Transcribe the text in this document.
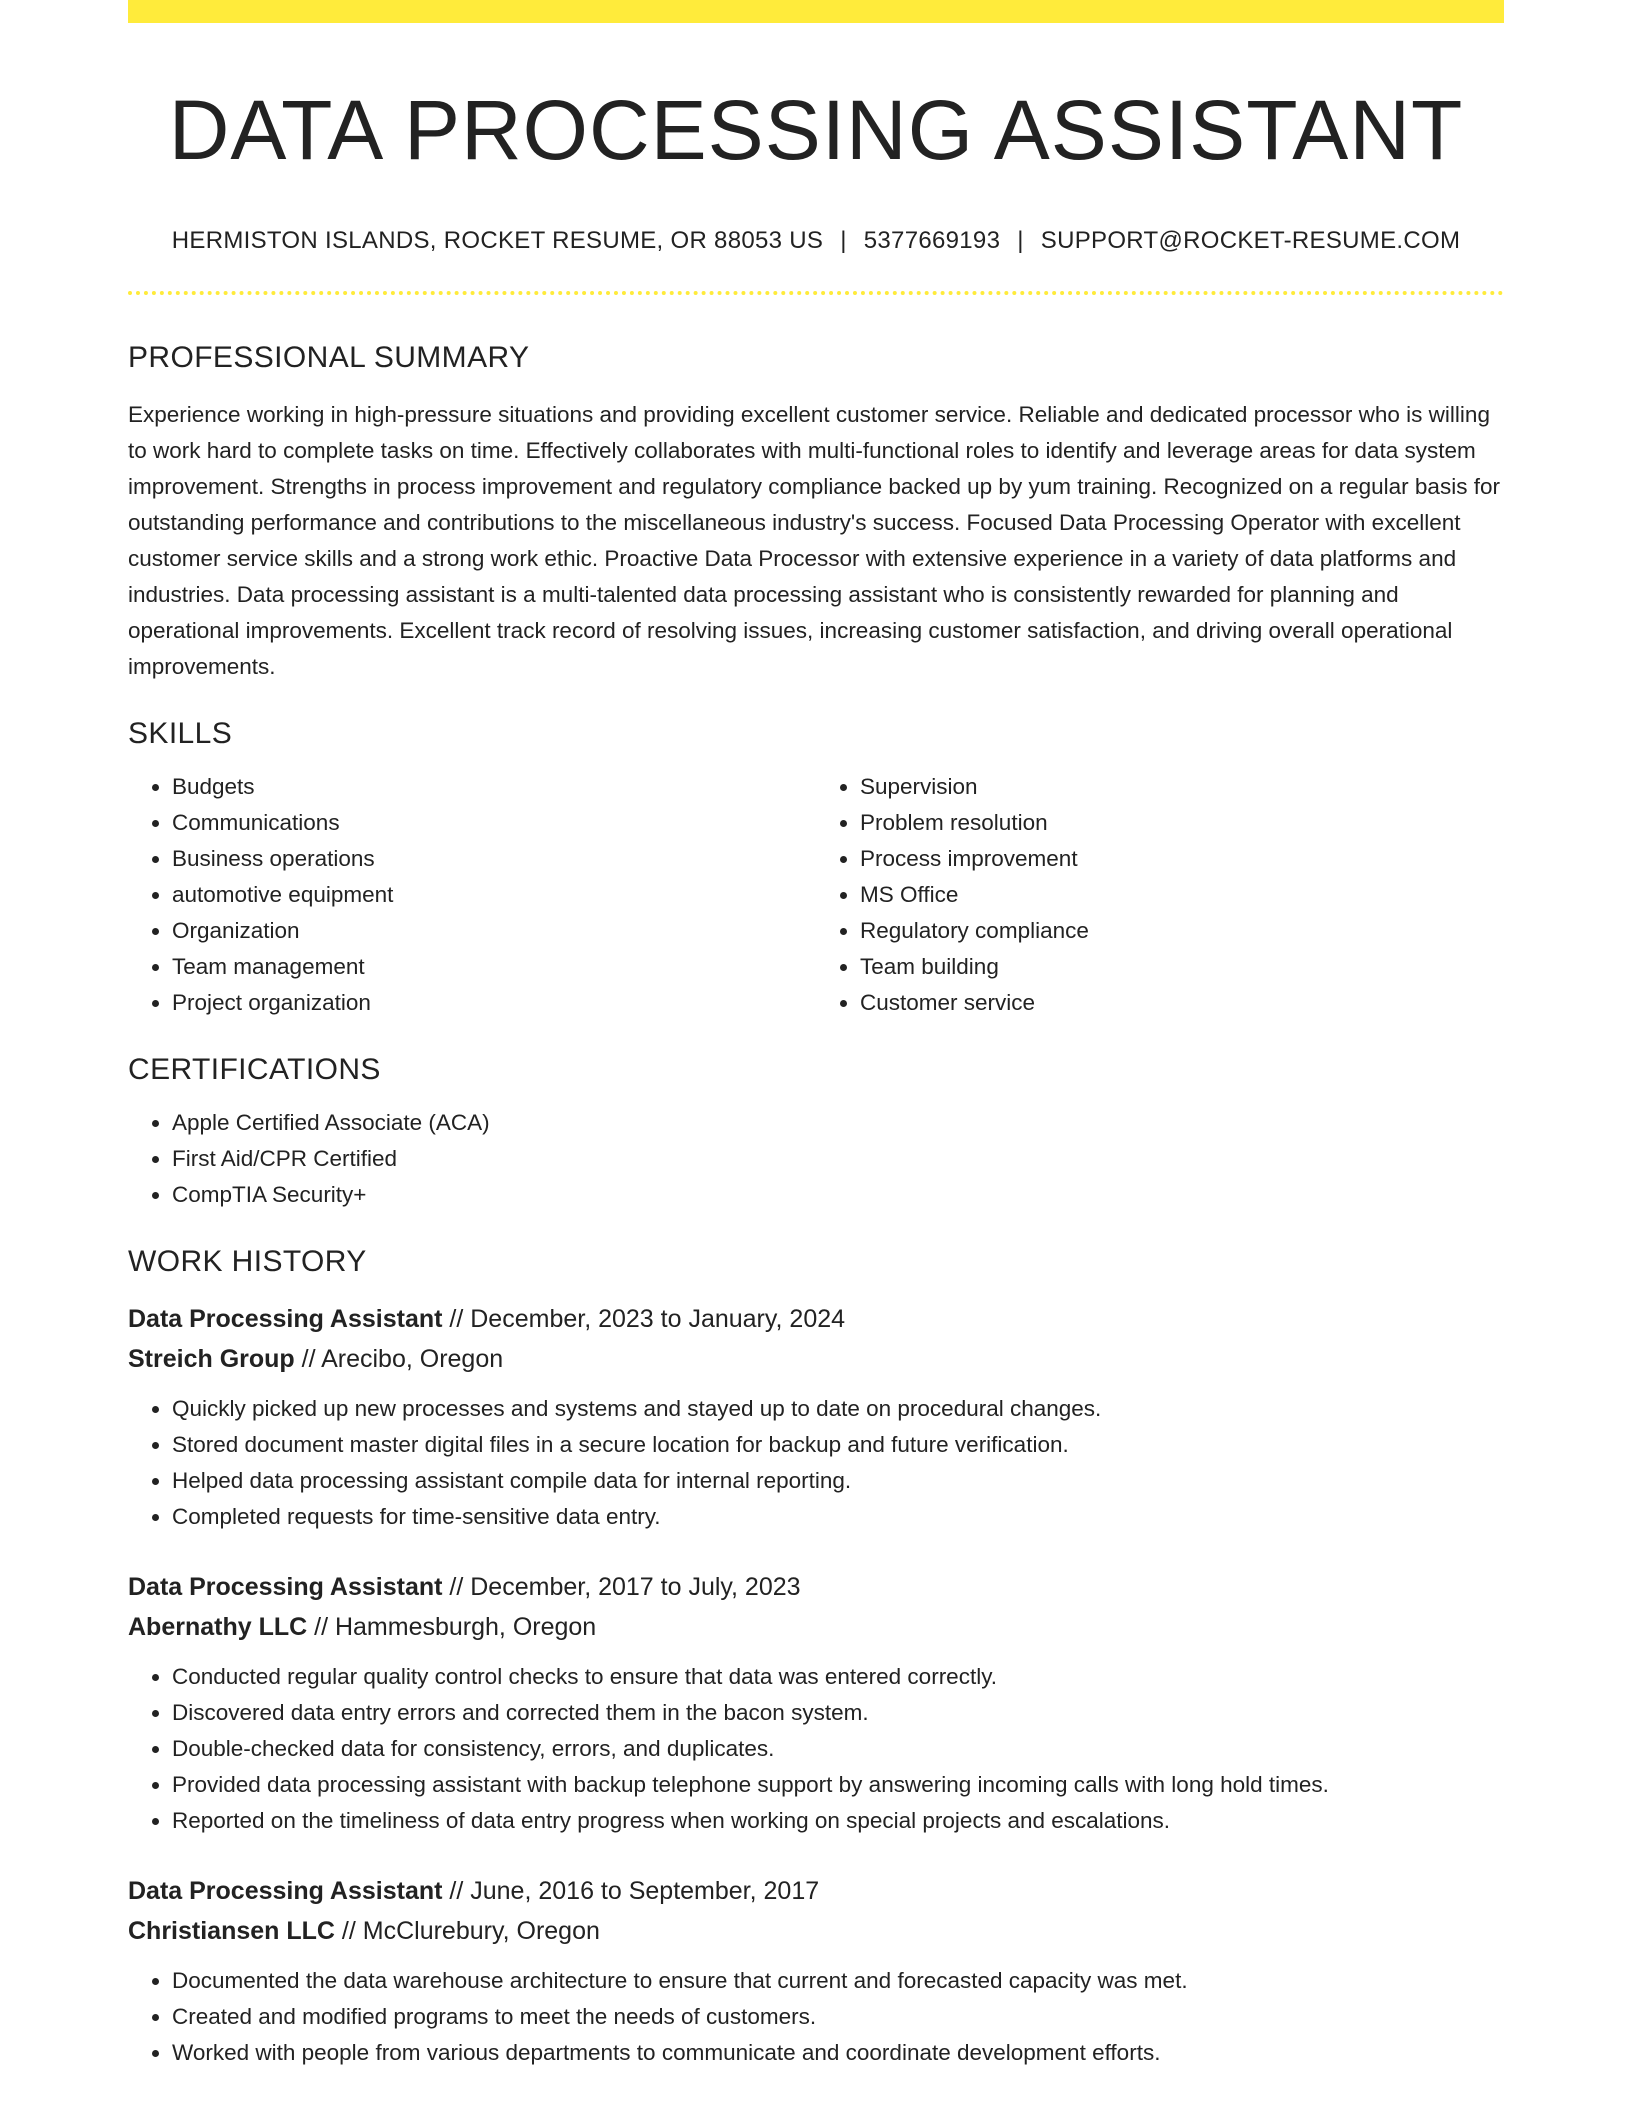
DATA PROCESSING ASSISTANT
HERMISTON ISLANDS, ROCKET RESUME, OR 88053 US | 5377669193 | SUPPORT@ROCKET-RESUME.COM
PROFESSIONAL SUMMARY
Experience working in high-pressure situations and providing excellent customer service. Reliable and dedicated processor who is willing to work hard to complete tasks on time. Effectively collaborates with multi-functional roles to identify and leverage areas for data system improvement. Strengths in process improvement and regulatory compliance backed up by yum training. Recognized on a regular basis for outstanding performance and contributions to the miscellaneous industry's success. Focused Data Processing Operator with excellent customer service skills and a strong work ethic. Proactive Data Processor with extensive experience in a variety of data platforms and industries. Data processing assistant is a multi-talented data processing assistant who is consistently rewarded for planning and operational improvements. Excellent track record of resolving issues, increasing customer satisfaction, and driving overall operational improvements.
SKILLS
• Budgets
• Communications
• Business operations
• automotive equipment
• Organization
• Team management
• Project organization
• Supervision
• Problem resolution
• Process improvement
• MS Office
• Regulatory compliance
• Team building
• Customer service
CERTIFICATIONS
• Apple Certified Associate (ACA)
• First Aid/CPR Certified
• CompTIA Security+
WORK HISTORY
Data Processing Assistant // December, 2023 to January, 2024
Streich Group // Arecibo, Oregon
• Quickly picked up new processes and systems and stayed up to date on procedural changes.
• Stored document master digital files in a secure location for backup and future verification.
• Helped data processing assistant compile data for internal reporting.
• Completed requests for time-sensitive data entry.
Data Processing Assistant // December, 2017 to July, 2023
Abernathy LLC // Hammesburgh, Oregon
• Conducted regular quality control checks to ensure that data was entered correctly.
• Discovered data entry errors and corrected them in the bacon system.
• Double-checked data for consistency, errors, and duplicates.
• Provided data processing assistant with backup telephone support by answering incoming calls with long hold times.
• Reported on the timeliness of data entry progress when working on special projects and escalations.
Data Processing Assistant // June, 2016 to September, 2017
Christiansen LLC // McClurebury, Oregon
• Documented the data warehouse architecture to ensure that current and forecasted capacity was met.
• Created and modified programs to meet the needs of customers.
• Worked with people from various departments to communicate and coordinate development efforts.
